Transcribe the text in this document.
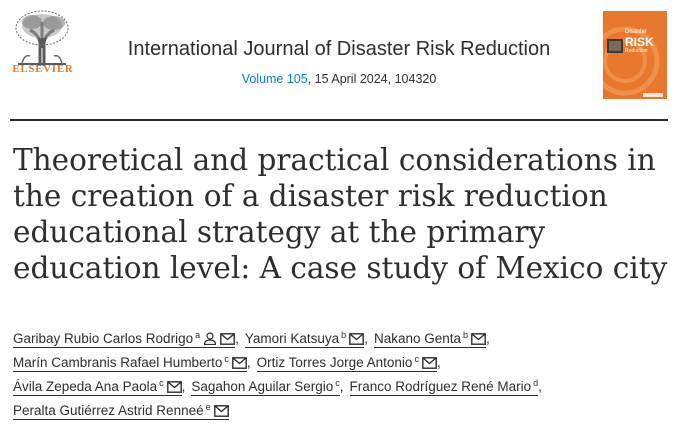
ELSEVIER
International Journal of Disaster Risk Reduction
Volume 105, 15 April 2024, 104320
Disaster
RISK
Reduction
Theoretical and practical considerations in
the creation of a disaster risk reduction
educational strategy at the primary
education level: A case study of Mexico city
Garibay Rubio Carlos Rodrigo $^a$	, Yamori Katsuya $^b$ , Nakano Genta $^b$ ,
Marín Cambranis Rafael Humberto $^c$ , Ortiz Torres Jorge Antonio $^c$ ,
Ávila Zepeda Ana Paola $^c$ , Sagahon Aguilar Sergio $^c$, Franco Rodríguez René Mario $^d$,
Peralta Gutiérrez Astrid Renneé $^e$
